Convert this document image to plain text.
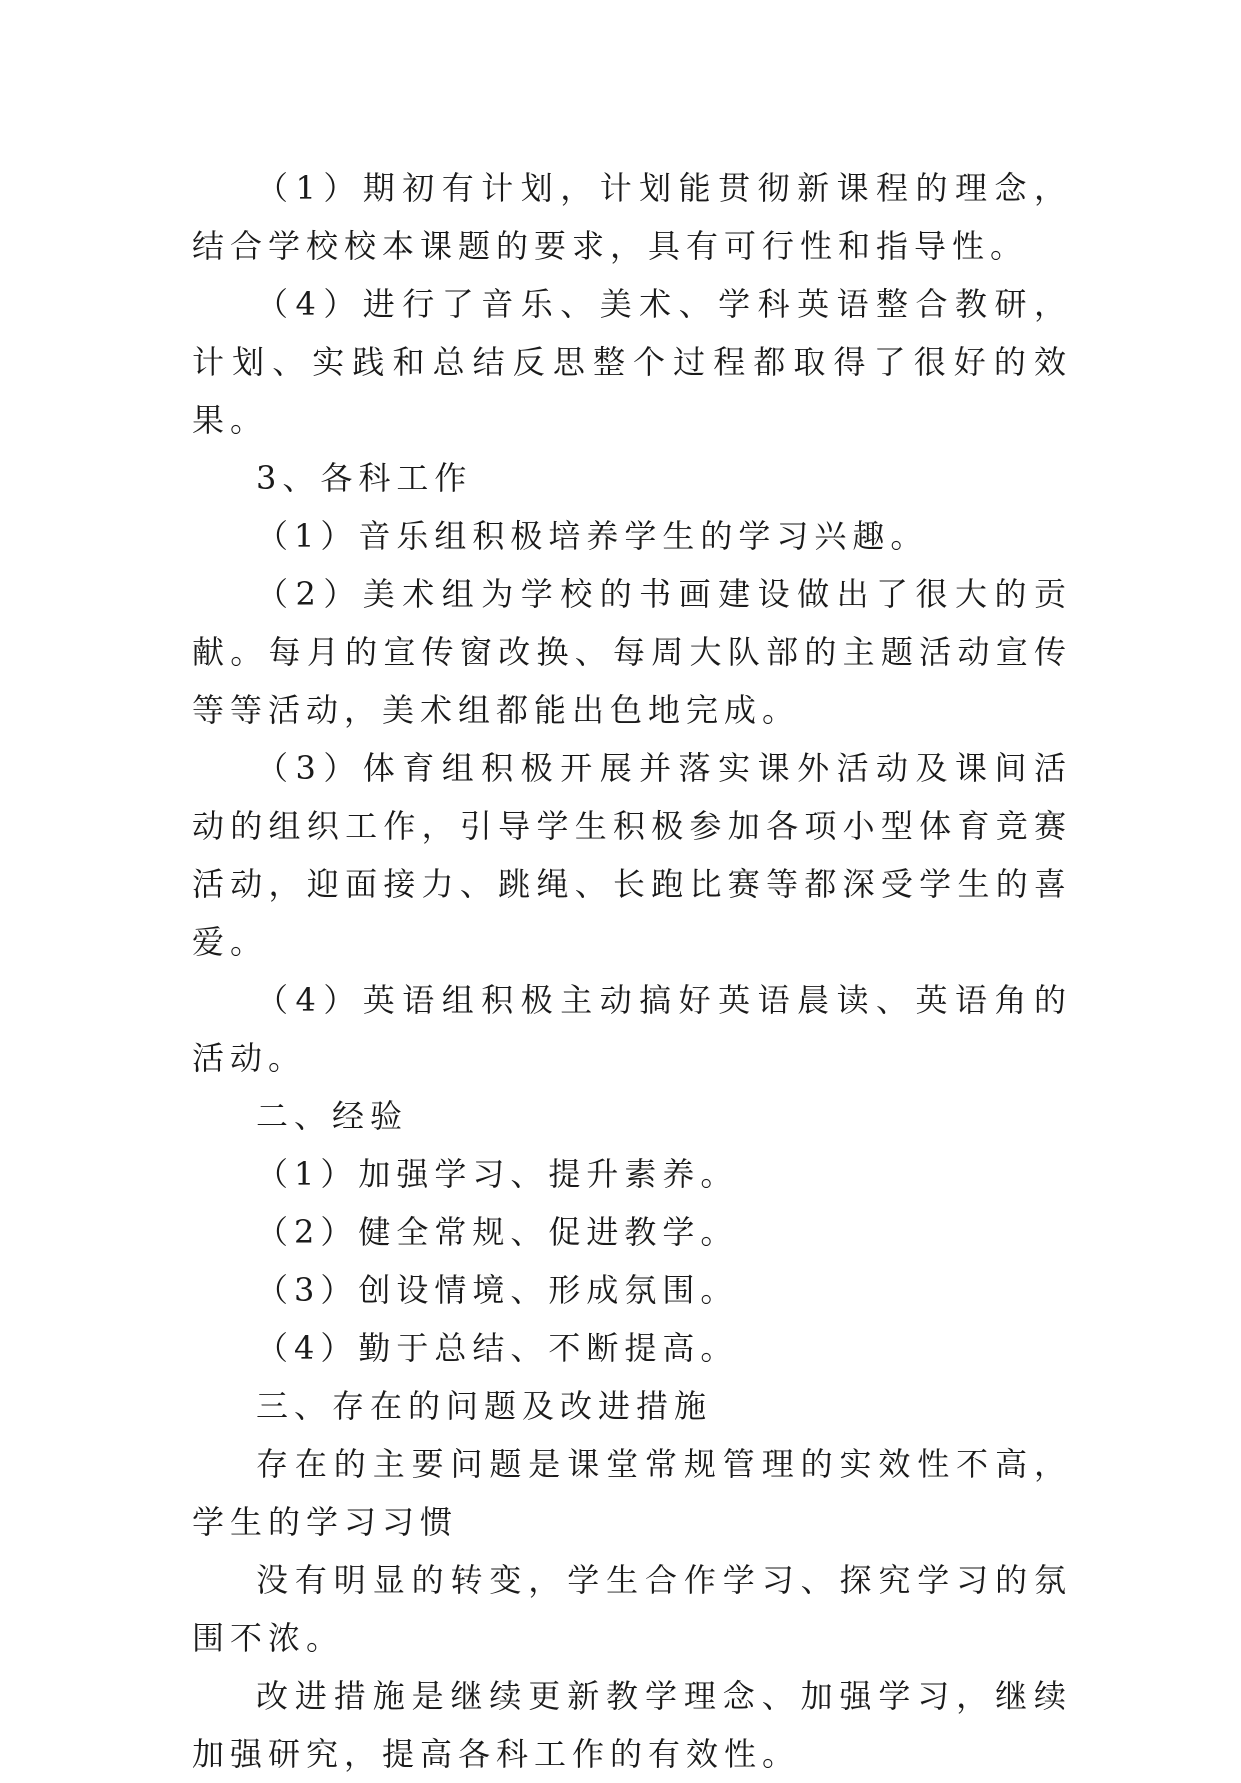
（1）期初有计划，计划能贯彻新课程的理念，结合学校校本课题的要求，具有可行性和指导性。

（4）进行了音乐、美术、学科英语整合教研，计划、实践和总结反思整个过程都取得了很好的效果。

3、各科工作

（1）音乐组积极培养学生的学习兴趣。

（2）美术组为学校的书画建设做出了很大的贡献。每月的宣传窗改换、每周大队部的主题活动宣传等等活动，美术组都能出色地完成。

（3）体育组积极开展并落实课外活动及课间活动的组织工作，引导学生积极参加各项小型体育竞赛活动，迎面接力、跳绳、长跑比赛等都深受学生的喜爱。

（4）英语组积极主动搞好英语晨读、英语角的活动。

二、经验

（1）加强学习、提升素养。

（2）健全常规、促进教学。

（3）创设情境、形成氛围。

（4）勤于总结、不断提高。

三、存在的问题及改进措施

存在的主要问题是课堂常规管理的实效性不高，学生的学习习惯

没有明显的转变，学生合作学习、探究学习的氛围不浓。

改进措施是继续更新教学理念、加强学习，继续加强研究，提高各科工作的有效性。
